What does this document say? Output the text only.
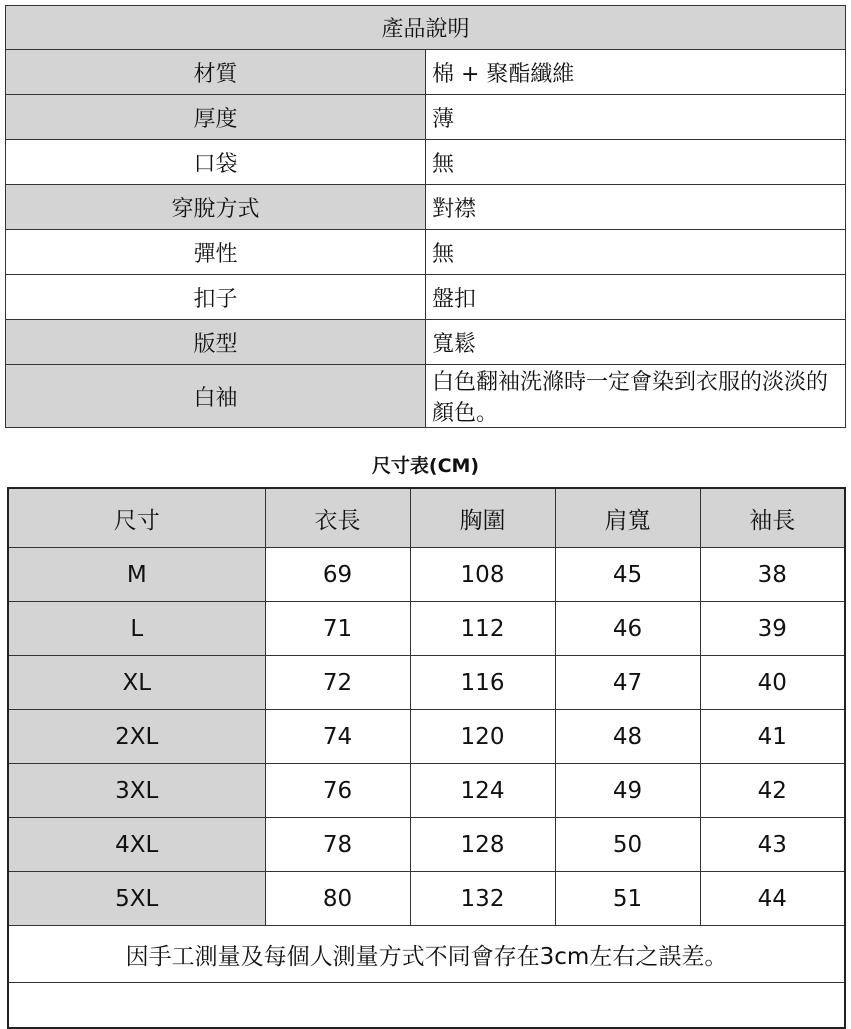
產品說明	
材質	棉 + 聚酯纖維
厚度	薄
口袋	無
穿脫方式	對襟
彈性	無
扣子	盤扣
版型	寬鬆
白袖	白色翻袖洗滌時一定會染到衣服的淡淡的顏色。
尺寸表(CM)
尺寸	衣長	胸圍	肩寬	袖長
M	69	108	45	38
L	71	112	46	39
XL	72	116	47	40
2XL	74	120	48	41
3XL	76	124	49	42
4XL	78	128	50	43
5XL	80	132	51	44
因手工測量及每個人測量方式不同會存在3cm左右之誤差。				
